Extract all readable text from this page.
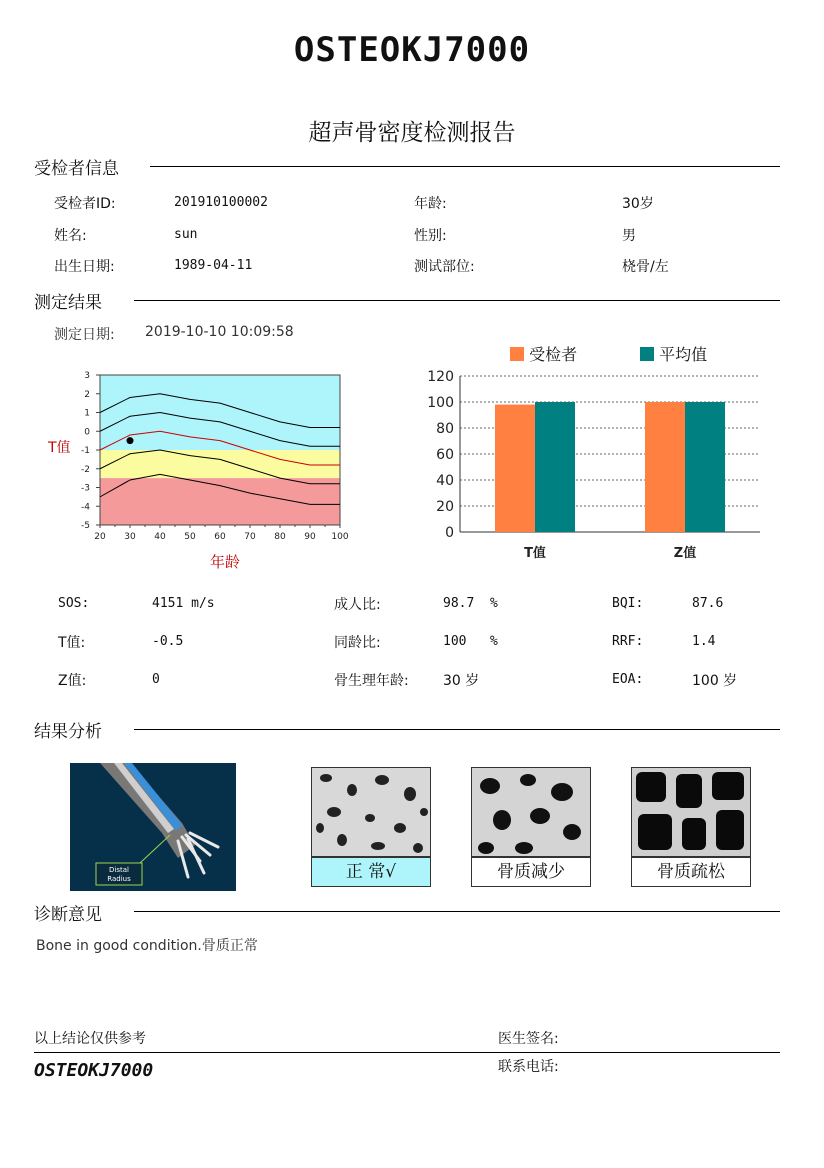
OSTEOKJ7000
超声骨密度检测报告
受检者信息
受检者ID:	201910100002	年龄:	30岁
姓名:	sun	性别:	男
出生日期:	1989-04-11	测试部位:	桡骨/左
测定结果
测定日期: 2019-10-10 10:09:58
3
2
1
0
-1
-2
-3
-4
-5
20 30 40 50 60 70 80 90 100
T值
年龄
受检者	平均值
120
100
80
60
40
20
0
T值	Z值
SOS:	4151 m/s	成人比:	98.7  %	BQI:	87.6
T值:	-0.5	同龄比:	100   %	RRF:	1.4
Z值:	0	骨生理年龄: 30 岁	EOA:	100 岁
结果分析
Distal
Radius	正 常√	骨质减少	骨质疏松
诊断意见
Bone in good condition.骨质正常
以上结论仅供参考	医生签名:
OSTEOKJ7000	联系电话:
